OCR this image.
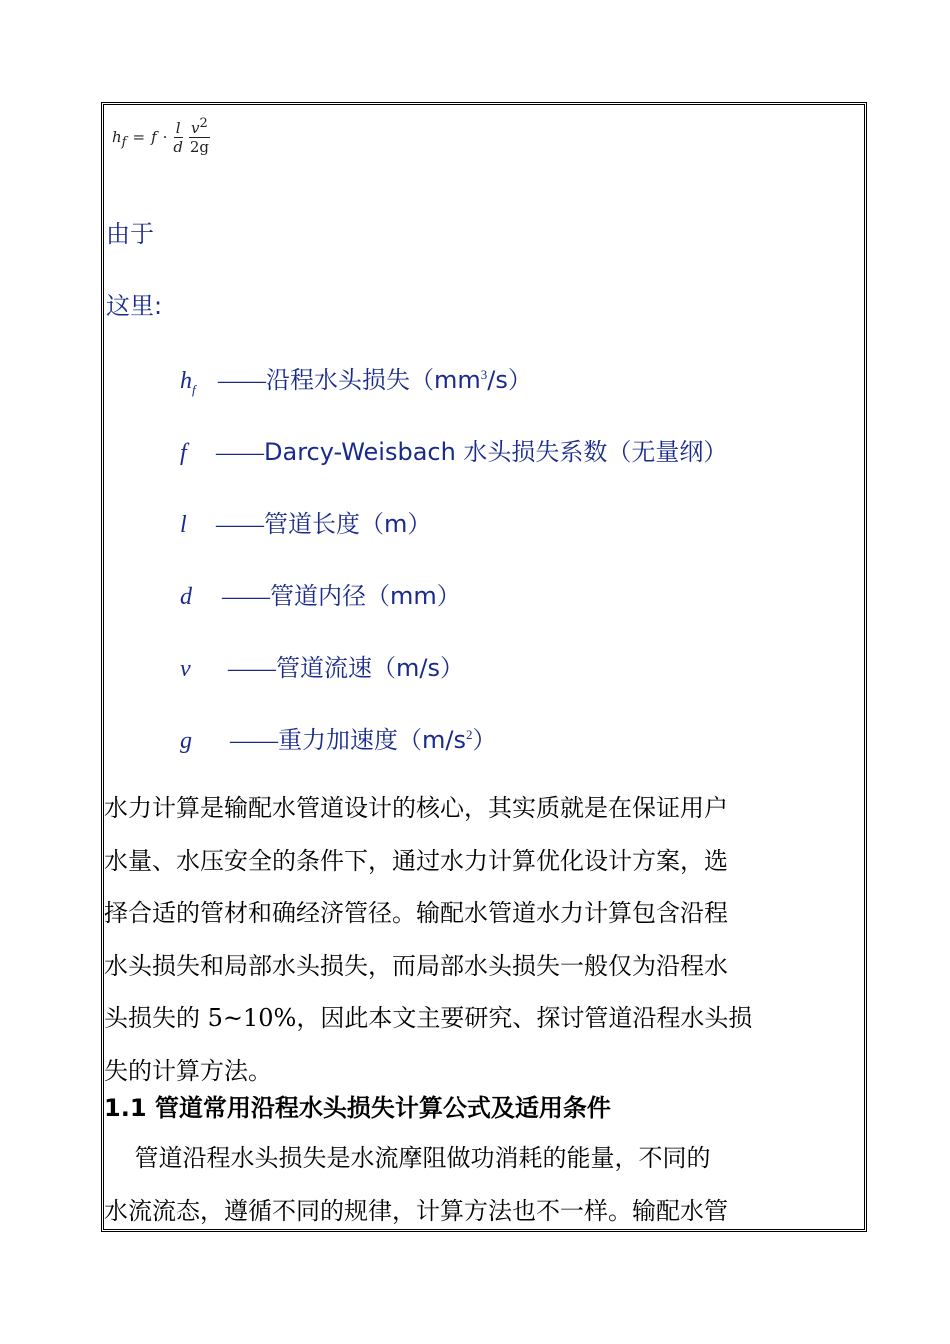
$h_f = f \cdot \frac{l}{d} \frac{v^2}{2g}$
由于
这里:
$h_f$ ——沿程水头损失$(mm^3/s)$
f ——Darcy-Weisbach 水头损失系数（无量纲）
l ——管道长度（m）
d ——管道内径（mm）
v ——管道流速（m/s）
g ——重力加速度$(m/s^2)$

水力计算是输配水管道设计的核心，其实质就是在保证用户

水量、水压安全的条件下，通过水力计算优化设计方案，选

择合适的管材和确经济管径。输配水管道水力计算包含沿程

水头损失和局部水头损失，而局部水头损失一般仅为沿程水

头损失的 5~10%，因此本文主要研究、探讨管道沿程水头损

失的计算方法。

1.1 管道常用沿程水头损失计算公式及适用条件

管道沿程水头损失是水流摩阻做功消耗的能量，不同的

水流流态，遵循不同的规律，计算方法也不一样。输配水管
